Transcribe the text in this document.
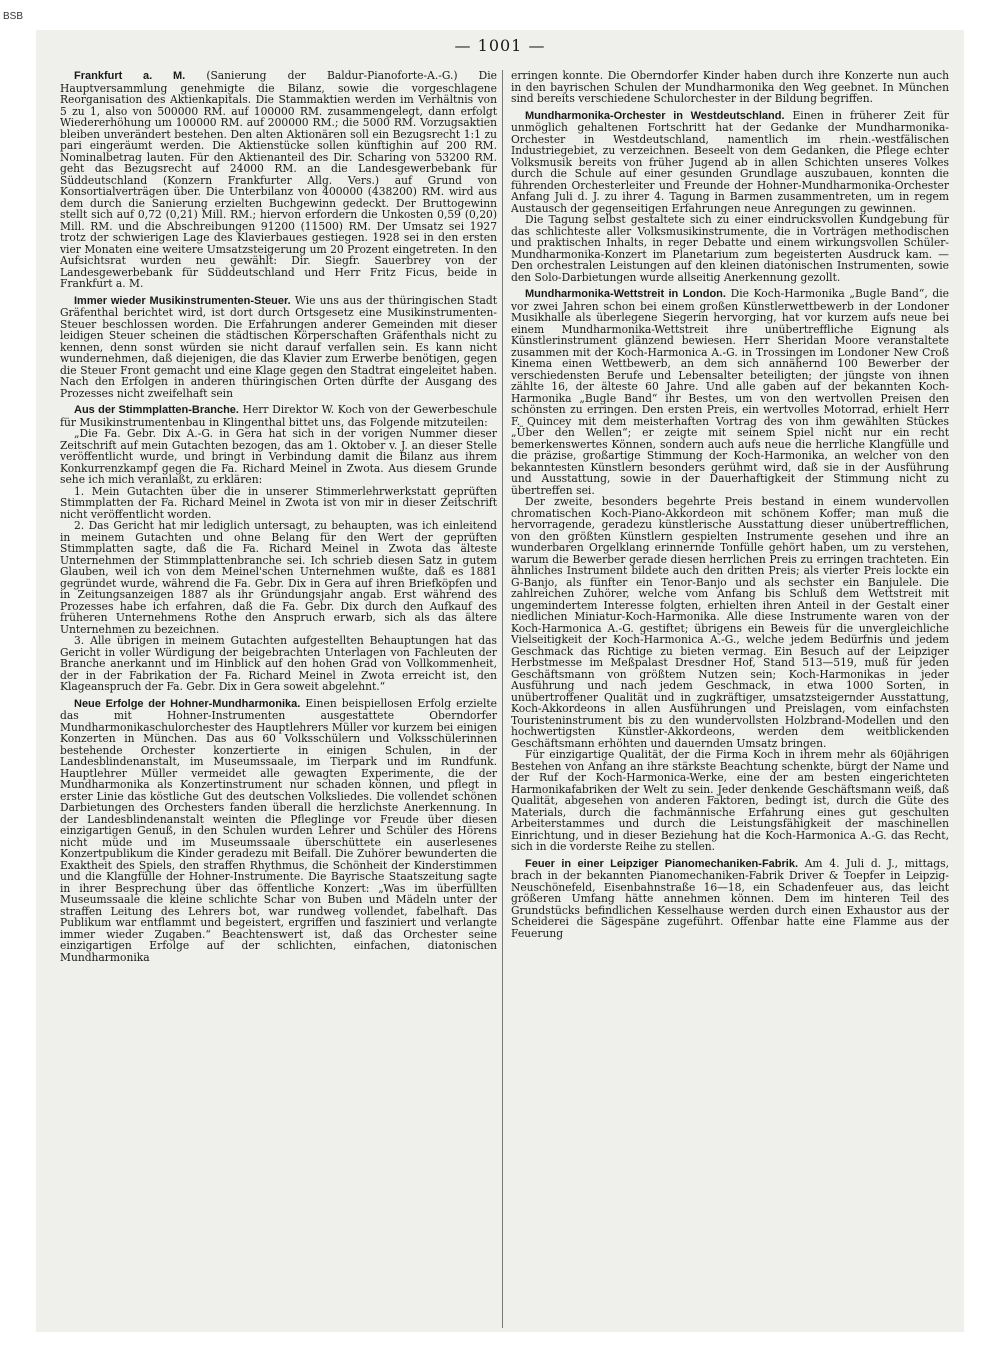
BSB
— 1001 —

Frankfurt a. M. (Sanierung der Baldur-Pianoforte-A.-G.) Die Hauptversammlung genehmigte die Bilanz, sowie die vorgeschlagene Reorganisation des Aktienkapitals. Die Stammaktien werden im Verhältnis von 5 zu 1, also von 500000 RM. auf 100000 RM. zusammengelegt, dann erfolgt Wiedererhöhung um 100000 RM. auf 200000 RM.; die 5000 RM. Vorzugsaktien bleiben unverändert bestehen. Den alten Aktionären soll ein Bezugsrecht 1:1 zu pari eingeräumt werden. Die Aktienstücke sollen künftighin auf 200 RM. Nominalbetrag lauten. Für den Aktienanteil des Dir. Scharing von 53200 RM. geht das Bezugsrecht auf 24000 RM. an die Landesgewerbebank für Süddeutschland (Konzern Frankfurter Allg. Vers.) auf Grund von Konsortialverträgen über. Die Unterbilanz von 400000 (438200) RM. wird aus dem durch die Sanierung erzielten Buchgewinn gedeckt. Der Bruttogewinn stellt sich auf 0,72 (0,21) Mill. RM.; hiervon erfordern die Unkosten 0,59 (0,20) Mill. RM. und die Abschreibungen 91200 (11500) RM. Der Umsatz sei 1927 trotz der schwierigen Lage des Klavierbaues gestiegen. 1928 sei in den ersten vier Monaten eine weitere Umsatzsteigerung um 20 Prozent eingetreten. In den Aufsichtsrat wurden neu gewählt: Dir. Siegfr. Sauerbrey von der Landesgewerbebank für Süddeutschland und Herr Fritz Ficus, beide in Frankfurt a. M.

Immer wieder Musikinstrumenten-Steuer. Wie uns aus der thüringischen Stadt Gräfenthal berichtet wird, ist dort durch Ortsgesetz eine Musikinstrumenten-Steuer beschlossen worden. Die Erfahrungen anderer Gemeinden mit dieser leidigen Steuer scheinen die städtischen Körperschaften Gräfenthals nicht zu kennen, denn sonst würden sie nicht darauf verfallen sein. Es kann nicht wundernehmen, daß diejenigen, die das Klavier zum Erwerbe benötigen, gegen die Steuer Front gemacht und eine Klage gegen den Stadtrat eingeleitet haben. Nach den Erfolgen in anderen thüringischen Orten dürfte der Ausgang des Prozesses nicht zweifelhaft sein

Aus der Stimmplatten-Branche. Herr Direktor W. Koch von der Gewerbeschule für Musikinstrumentenbau in Klingenthal bittet uns, das Folgende mitzuteilen:

„Die Fa. Gebr. Dix A.-G. in Gera hat sich in der vorigen Nummer dieser Zeitschrift auf mein Gutachten bezogen, das am 1. Oktober v. J. an dieser Stelle veröffentlicht wurde, und bringt in Verbindung damit die Bilanz aus ihrem Konkurrenzkampf gegen die Fa. Richard Meinel in Zwota. Aus diesem Grunde sehe ich mich veranlaßt, zu erklären:

1. Mein Gutachten über die in unserer Stimmerlehrwerkstatt geprüften Stimmplatten der Fa. Richard Meinel in Zwota ist von mir in dieser Zeitschrift nicht veröffentlicht worden.

2. Das Gericht hat mir lediglich untersagt, zu behaupten, was ich einleitend in meinem Gutachten und ohne Belang für den Wert der geprüften Stimmplatten sagte, daß die Fa. Richard Meinel in Zwota das älteste Unternehmen der Stimmplattenbranche sei. Ich schrieb diesen Satz in gutem Glauben, weil ich von dem Meinel'schen Unternehmen wußte, daß es 1881 gegründet wurde, während die Fa. Gebr. Dix in Gera auf ihren Briefköpfen und in Zeitungsanzeigen 1887 als ihr Gründungsjahr angab. Erst während des Prozesses habe ich erfahren, daß die Fa. Gebr. Dix durch den Aufkauf des früheren Unternehmens Rothe den Anspruch erwarb, sich als das ältere Unternehmen zu bezeichnen.

3. Alle übrigen in meinem Gutachten aufgestellten Behauptungen hat das Gericht in voller Würdigung der beigebrachten Unterlagen von Fachleuten der Branche anerkannt und im Hinblick auf den hohen Grad von Vollkommenheit, der in der Fabrikation der Fa. Richard Meinel in Zwota erreicht ist, den Klageanspruch der Fa. Gebr. Dix in Gera soweit abgelehnt.“

Neue Erfolge der Hohner-Mundharmonika. Einen beispiellosen Erfolg erzielte das mit Hohner-Instrumenten ausgestattete Oberndorfer Mundharmonikaschulorchester des Hauptlehrers Müller vor kurzem bei einigen Konzerten in München. Das aus 60 Volksschülern und Volksschülerinnen bestehende Orchester konzertierte in einigen Schulen, in der Landesblindenanstalt, im Museumssaale, im Tierpark und im Rundfunk. Hauptlehrer Müller vermeidet alle gewagten Experimente, die der Mundharmonika als Konzertinstrument nur schaden können, und pflegt in erster Linie das köstliche Gut des deutschen Volksliedes. Die vollendet schönen Darbietungen des Orchesters fanden überall die herzlichste Anerkennung. In der Landesblindenanstalt weinten die Pfleglinge vor Freude über diesen einzigartigen Genuß, in den Schulen wurden Lehrer und Schüler des Hörens nicht müde und im Museumssaale überschüttete ein auserlesenes Konzertpublikum die Kinder geradezu mit Beifall. Die Zuhörer bewunderten die Exaktheit des Spiels, den straffen Rhythmus, die Schönheit der Kinderstimmen und die Klangfülle der Hohner-Instrumente. Die Bayrische Staatszeitung sagte in ihrer Besprechung über das öffentliche Konzert: „Was im überfüllten Museumssaale die kleine schlichte Schar von Buben und Mädeln unter der straffen Leitung des Lehrers bot, war rundweg vollendet, fabelhaft. Das Publikum war entflammt und begeistert, ergriffen und fasziniert und verlangte immer wieder Zugaben.“ Beachtenswert ist, daß das Orchester seine einzigartigen Erfolge auf der schlichten, einfachen, diatonischen Mundharmonika

erringen konnte. Die Oberndorfer Kinder haben durch ihre Konzerte nun auch in den bayrischen Schulen der Mundharmonika den Weg geebnet. In München sind bereits verschiedene Schulorchester in der Bildung begriffen.

Mundharmonika-Orchester in Westdeutschland. Einen in früherer Zeit für unmöglich gehaltenen Fortschritt hat der Gedanke der Mundharmonika-Orchester in Westdeutschland, namentlich im rhein.-westfälischen Industriegebiet, zu verzeichnen. Beseelt von dem Gedanken, die Pflege echter Volksmusik bereits von früher Jugend ab in allen Schichten unseres Volkes durch die Schule auf einer gesunden Grundlage auszubauen, konnten die führenden Orchesterleiter und Freunde der Hohner-Mundharmonika-Orchester Anfang Juli d. J. zu ihrer 4. Tagung in Barmen zusammentreten, um in regem Austausch der gegenseitigen Erfahrungen neue Anregungen zu gewinnen.

Die Tagung selbst gestaltete sich zu einer eindrucksvollen Kundgebung für das schlichteste aller Volksmusikinstrumente, die in Vorträgen methodischen und praktischen Inhalts, in reger Debatte und einem wirkungsvollen Schüler-Mundharmonika-Konzert im Planetarium zum begeisterten Ausdruck kam. — Den orchestralen Leistungen auf den kleinen diatonischen Instrumenten, sowie den Solo-Darbietungen wurde allseitig Anerkennung gezollt.

Mundharmonika-Wettstreit in London. Die Koch-Harmonika „Bugle Band“, die vor zwei Jahren schon bei einem großen Künstlerwettbewerb in der Londoner Musikhalle als überlegene Siegerin hervorging, hat vor kurzem aufs neue bei einem Mundharmonika-Wettstreit ihre unübertreffliche Eignung als Künstlerinstrument glänzend bewiesen. Herr Sheridan Moore veranstaltete zusammen mit der Koch-Harmonica A.-G. in Trossingen im Londoner New Croß Kinema einen Wettbewerb, an dem sich annähernd 100 Bewerber der verschiedensten Berufe und Lebensalter beteiligten; der jüngste von ihnen zählte 16, der älteste 60 Jahre. Und alle gaben auf der bekannten Koch-Harmonika „Bugle Band“ ihr Bestes, um von den wertvollen Preisen den schönsten zu erringen. Den ersten Preis, ein wertvolles Motorrad, erhielt Herr F. Quincey mit dem meisterhaften Vortrag des von ihm gewählten Stückes „Über den Wellen“; er zeigte mit seinem Spiel nicht nur ein recht bemerkenswertes Können, sondern auch aufs neue die herrliche Klangfülle und die präzise, großartige Stimmung der Koch-Harmonika, an welcher von den bekanntesten Künstlern besonders gerühmt wird, daß sie in der Ausführung und Ausstattung, sowie in der Dauerhaftigkeit der Stimmung nicht zu übertreffen sei.

Der zweite, besonders begehrte Preis bestand in einem wundervollen chromatischen Koch-Piano-Akkordeon mit schönem Koffer; man muß die hervorragende, geradezu künstlerische Ausstattung dieser unübertrefflichen, von den größten Künstlern gespielten Instrumente gesehen und ihre an wunderbaren Orgelklang erinnernde Tonfülle gehört haben, um zu verstehen, warum die Bewerber gerade diesen herrlichen Preis zu erringen trachteten. Ein ähnliches Instrument bildete auch den dritten Preis; als vierter Preis lockte ein G-Banjo, als fünfter ein Tenor-Banjo und als sechster ein Banjulele. Die zahlreichen Zuhörer, welche vom Anfang bis Schluß dem Wettstreit mit ungemindertem Interesse folgten, erhielten ihren Anteil in der Gestalt einer niedlichen Miniatur-Koch-Harmonika. Alle diese Instrumente waren von der Koch-Harmonica A.-G. gestiftet; übrigens ein Beweis für die unvergleichliche Vielseitigkeit der Koch-Harmonica A.-G., welche jedem Bedürfnis und jedem Geschmack das Richtige zu bieten vermag. Ein Besuch auf der Leipziger Herbstmesse im Meßpalast Dresdner Hof, Stand 513—519, muß für jeden Geschäftsmann von größtem Nutzen sein; Koch-Harmonikas in jeder Ausführung und nach jedem Geschmack, in etwa 1000 Sorten, in unübertroffener Qualität und in zugkräftiger, umsatzsteigernder Ausstattung, Koch-Akkordeons in allen Ausführungen und Preislagen, vom einfachsten Touristeninstrument bis zu den wundervollsten Holzbrand-Modellen und den hochwertigsten Künstler-Akkordeons, werden dem weitblickenden Geschäftsmann erhöhten und dauernden Umsatz bringen.

Für einzigartige Qualität, der die Firma Koch in ihrem mehr als 60jährigen Bestehen von Anfang an ihre stärkste Beachtung schenkte, bürgt der Name und der Ruf der Koch-Harmonica-Werke, eine der am besten eingerichteten Harmonikafabriken der Welt zu sein. Jeder denkende Geschäftsmann weiß, daß Qualität, abgesehen von anderen Faktoren, bedingt ist, durch die Güte des Materials, durch die fachmännische Erfahrung eines gut geschulten Arbeiterstammes und durch die Leistungsfähigkeit der maschinellen Einrichtung, und in dieser Beziehung hat die Koch-Harmonica A.-G. das Recht, sich in die vorderste Reihe zu stellen.

Feuer in einer Leipziger Pianomechaniken-Fabrik. Am 4. Juli d. J., mittags, brach in der bekannten Pianomechaniken-Fabrik Driver & Toepfer in Leipzig-Neuschönefeld, Eisenbahnstraße 16—18, ein Schadenfeuer aus, das leicht größeren Umfang hätte annehmen können. Dem im hinteren Teil des Grundstücks befindlichen Kesselhause werden durch einen Exhaustor aus der Scheiderei die Sägespäne zugeführt. Offenbar hatte eine Flamme aus der Feuerung
